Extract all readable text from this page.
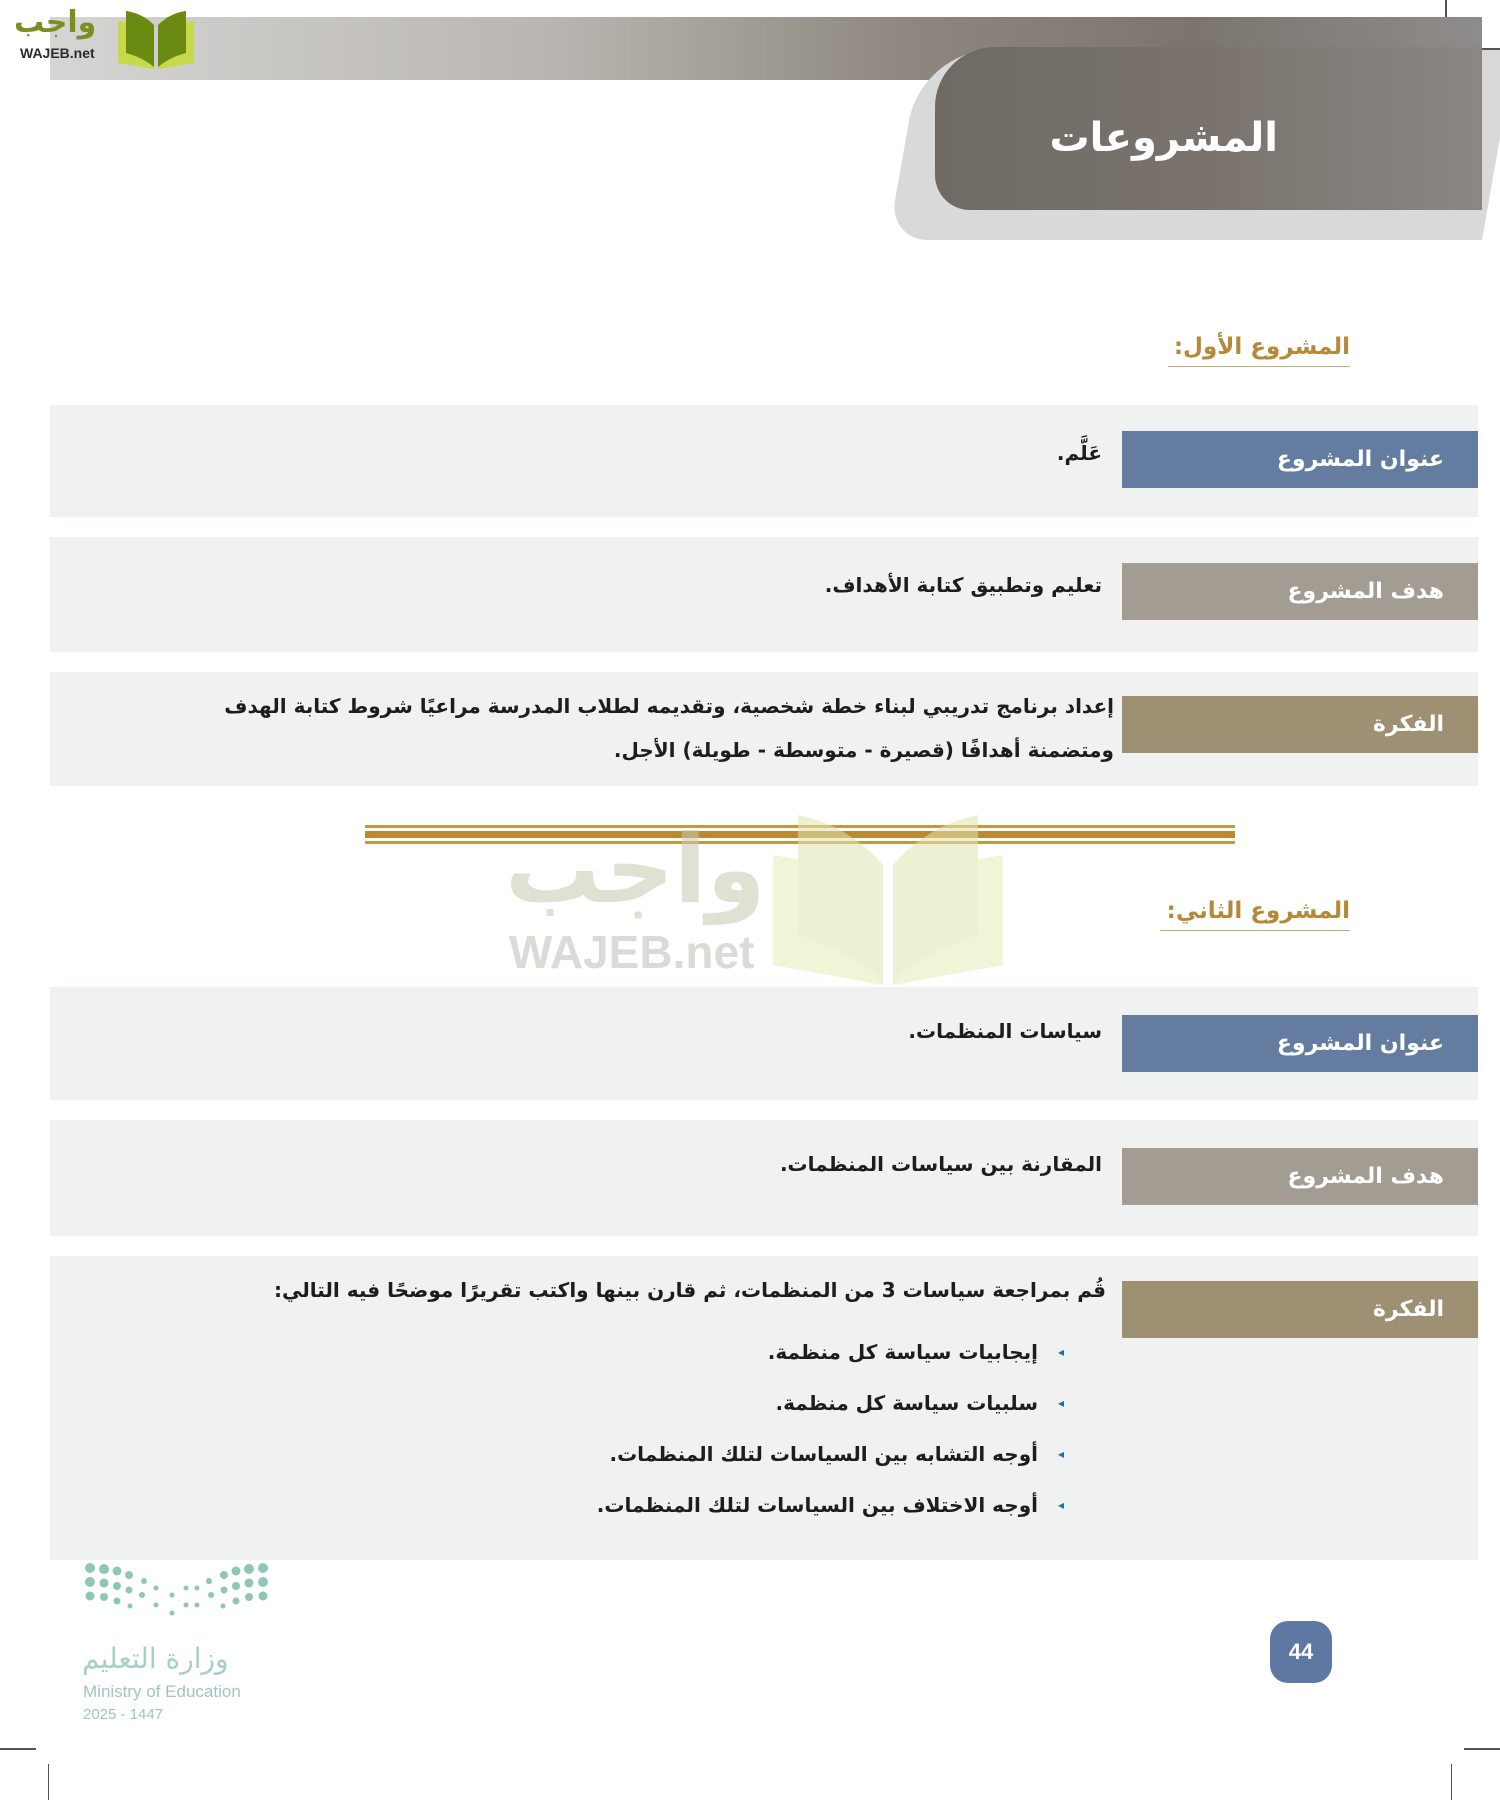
المشروعات
واجب
WAJEB.net
المشروع الأول:
عنوان المشروع
عَلَّم.
هدف المشروع
تعليم وتطبيق كتابة الأهداف.
الفكرة
إعداد برنامج تدريبي لبناء خطة شخصية، وتقديمه لطلاب المدرسة مراعيًا شروط كتابة الهدف
ومتضمنة أهدافًا (قصيرة - متوسطة - طويلة) الأجل.
واجب
WAJEB.net
المشروع الثاني:
عنوان المشروع
سياسات المنظمات.
هدف المشروع
المقارنة بين سياسات المنظمات.
الفكرة
قُم بمراجعة سياسات 3 من المنظمات، ثم قارن بينها واكتب تقريرًا موضحًا فيه التالي:
◂
إيجابيات سياسة كل منظمة.
◂
سلبيات سياسة كل منظمة.
◂
أوجه التشابه بين السياسات لتلك المنظمات.
◂
أوجه الاختلاف بين السياسات لتلك المنظمات.
وزارة التعليم
Ministry of Education
2025 - 1447
44
